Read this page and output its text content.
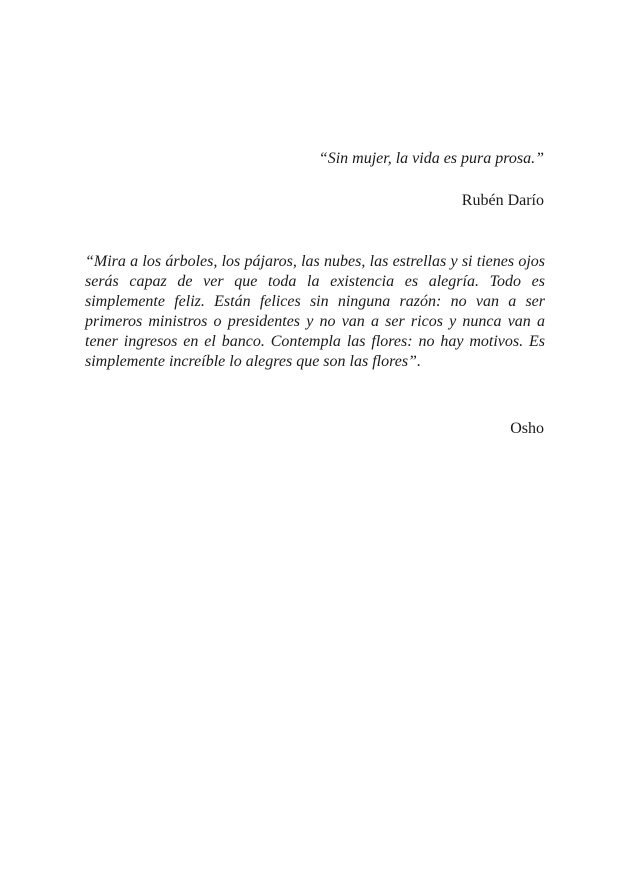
“Sin mujer, la vida es pura prosa.”
Rubén Darío
“Mira a los árboles, los pájaros, las nubes, las estrellas y si tienes ojos serás capaz de ver que toda la existencia es alegría. Todo es simplemente feliz. Están felices sin ninguna razón: no van a ser primeros ministros o presidentes y no van a ser ricos y nunca van a tener ingresos en el banco. Contempla las flores: no hay motivos. Es simplemente increíble lo alegres que son las flores”.
Osho
